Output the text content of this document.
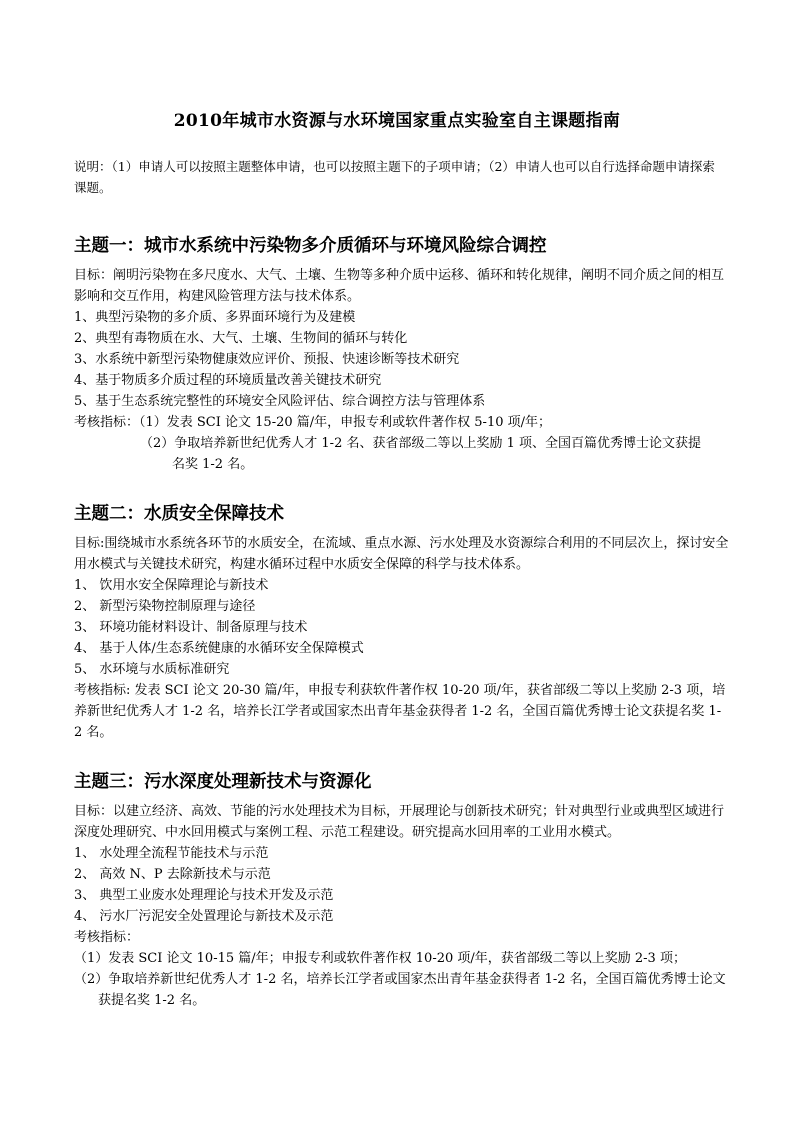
2010年城市水资源与水环境国家重点实验室自主课题指南
说明：（1）申请人可以按照主题整体申请，也可以按照主题下的子项申请；（2）申请人也可以自行选择命题申请探索课题。
主题一：城市水系统中污染物多介质循环与环境风险综合调控
目标：阐明污染物在多尺度水、大气、土壤、生物等多种介质中运移、循环和转化规律，阐明不同介质之间的相互影响和交互作用，构建风险管理方法与技术体系。
1、典型污染物的多介质、多界面环境行为及建模
2、典型有毒物质在水、大气、土壤、生物间的循环与转化
3、水系统中新型污染物健康效应评价、预报、快速诊断等技术研究
4、基于物质多介质过程的环境质量改善关键技术研究
5、基于生态系统完整性的环境安全风险评估、综合调控方法与管理体系
考核指标：（1）发表 SCI 论文 15-20 篇/年，申报专利或软件著作权 5-10 项/年；
（2）争取培养新世纪优秀人才 1-2 名、获省部级二等以上奖励 1 项、全国百篇优秀博士论文获提
名奖 1-2 名。
主题二：水质安全保障技术
目标:围绕城市水系统各环节的水质安全，在流域、重点水源、污水处理及水资源综合利用的不同层次上，探讨安全用水模式与关键技术研究，构建水循环过程中水质安全保障的科学与技术体系。
1、 饮用水安全保障理论与新技术
2、 新型污染物控制原理与途径
3、 环境功能材料设计、制备原理与技术
4、 基于人体/生态系统健康的水循环安全保障模式
5、 水环境与水质标准研究
考核指标: 发表 SCI 论文 20-30 篇/年，申报专利获软件著作权 10-20 项/年，获省部级二等以上奖励 2-3 项，培养新世纪优秀人才 1-2 名，培养长江学者或国家杰出青年基金获得者 1-2 名，全国百篇优秀博士论文获提名奖 1-2 名。
主题三：污水深度处理新技术与资源化
目标：以建立经济、高效、节能的污水处理技术为目标，开展理论与创新技术研究；针对典型行业或典型区域进行深度处理研究、中水回用模式与案例工程、示范工程建设。研究提高水回用率的工业用水模式。
1、 水处理全流程节能技术与示范
2、 高效 N、P 去除新技术与示范
3、 典型工业废水处理理论与技术开发及示范
4、 污水厂污泥安全处置理论与新技术及示范
考核指标：
（1）发表 SCI 论文 10-15 篇/年；申报专利或软件著作权 10-20 项/年，获省部级二等以上奖励 2-3 项；
（2）争取培养新世纪优秀人才 1-2 名，培养长江学者或国家杰出青年基金获得者 1-2 名，全国百篇优秀博士论文获提名奖 1-2 名。
